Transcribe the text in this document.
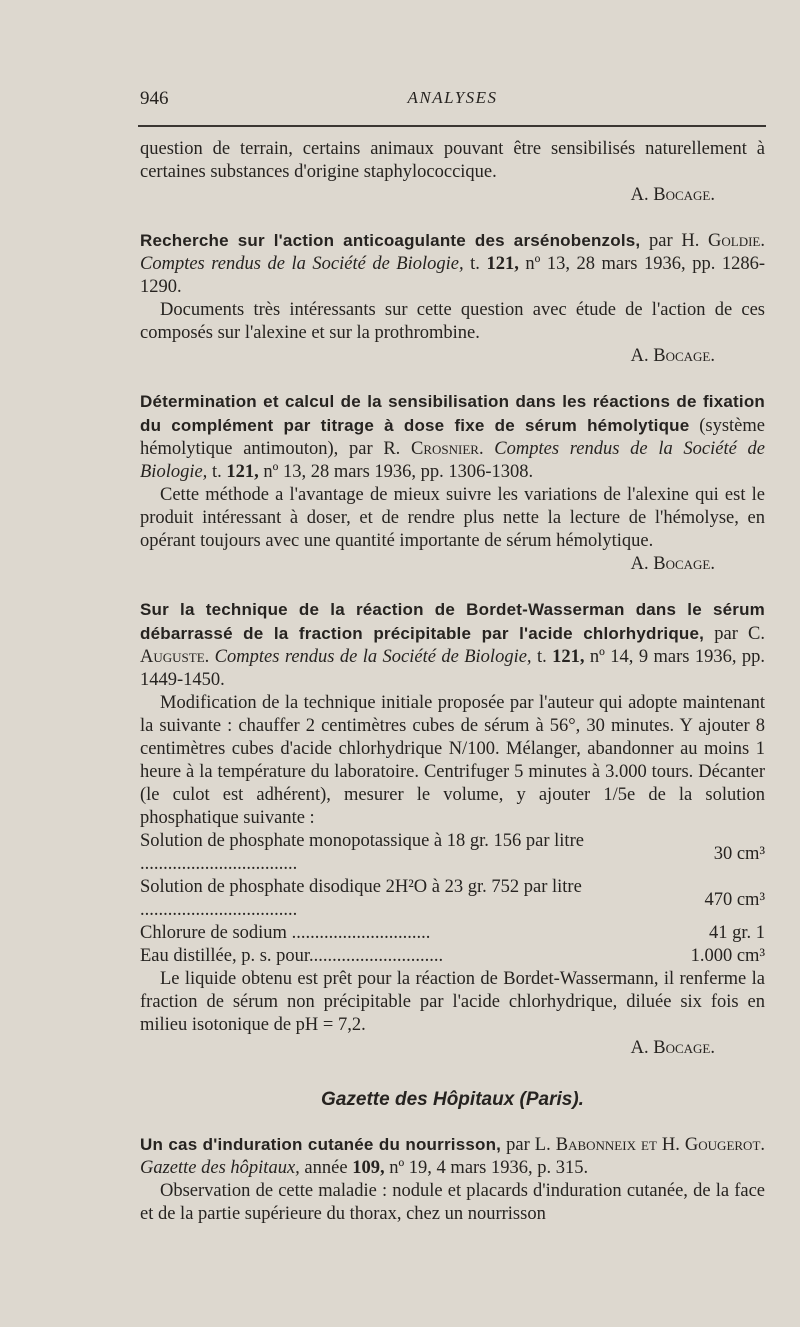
946	ANALYSES

question de terrain, certains animaux pouvant être sensibilisés naturellement à certaines substances d'origine staphylococcique.

A. Bocage.

Recherche sur l'action anticoagulante des arsénobenzols, par H. Goldie. Comptes rendus de la Société de Biologie, t. 121, nº 13, 28 mars 1936, pp. 1286-1290.

Documents très intéressants sur cette question avec étude de l'action de ces composés sur l'alexine et sur la prothrombine.

A. Bocage.

Détermination et calcul de la sensibilisation dans les réactions de fixation du complément par titrage à dose fixe de sérum hémolytique (système hémolytique antimouton), par R. Crosnier. Comptes rendus de la Société de Biologie, t. 121, nº 13, 28 mars 1936, pp. 1306-1308.

Cette méthode a l'avantage de mieux suivre les variations de l'alexine qui est le produit intéressant à doser, et de rendre plus nette la lecture de l'hémolyse, en opérant toujours avec une quantité importante de sérum hémolytique.

A. Bocage.

Sur la technique de la réaction de Bordet-Wasserman dans le sérum débarrassé de la fraction précipitable par l'acide chlorhydrique, par C. Auguste. Comptes rendus de la Société de Biologie, t. 121, nº 14, 9 mars 1936, pp. 1449-1450.

Modification de la technique initiale proposée par l'auteur qui adopte maintenant la suivante : chauffer 2 centimètres cubes de sérum à 56°, 30 minutes. Y ajouter 8 centimètres cubes d'acide chlorhydrique N/100. Mélanger, abandonner au moins 1 heure à la température du laboratoire. Centrifuger 5 minutes à 3.000 tours. Décanter (le culot est adhérent), mesurer le volume, y ajouter 1/5e de la solution phosphatique suivante :

Solution de phosphate monopotassique à 18 gr. 156 par litre ..................................	30 cm³
Solution de phosphate disodique 2H²O à 23 gr. 752 par litre ..................................	470 cm³
Chlorure de sodium ..............................	41 gr. 1
Eau distillée, p. s. pour.............................	1.000 cm³

Le liquide obtenu est prêt pour la réaction de Bordet-Wassermann, il renferme la fraction de sérum non précipitable par l'acide chlorhydrique, diluée six fois en milieu isotonique de pH = 7,2.

A. Bocage.

Gazette des Hôpitaux (Paris).

Un cas d'induration cutanée du nourrisson, par L. Babonneix et H. Gougerot. Gazette des hôpitaux, année 109, nº 19, 4 mars 1936, p. 315.

Observation de cette maladie : nodule et placards d'induration cutanée, de la face et de la partie supérieure du thorax, chez un nourrisson
